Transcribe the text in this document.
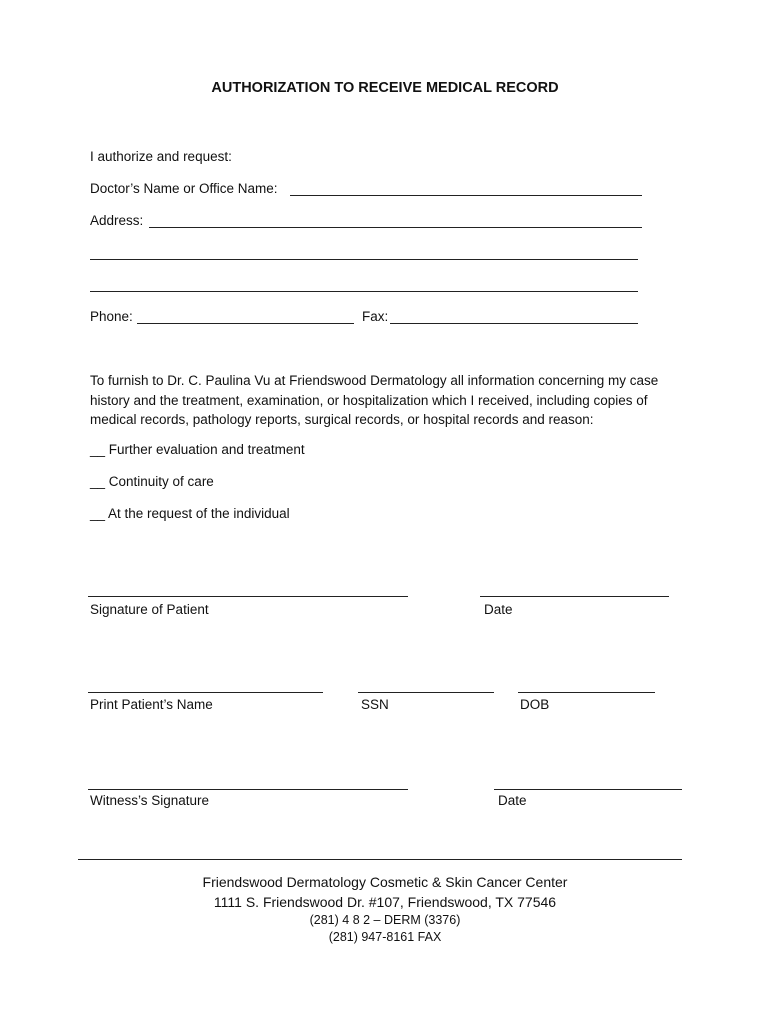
AUTHORIZATION TO RECEIVE MEDICAL RECORD
I authorize and request:
Doctor’s Name or Office Name:
Address:
Phone:	Fax:
To furnish to Dr. C. Paulina Vu at Friendswood Dermatology all information concerning my case history and the treatment, examination, or hospitalization which I received, including copies of medical records, pathology reports, surgical records, or hospital records and reason:
__ Further evaluation and treatment
__ Continuity of care
__ At the request of the individual
Signature of Patient	Date
Print Patient’s Name	SSN	DOB
Witness’s Signature	Date
Friendswood Dermatology Cosmetic & Skin Cancer Center
1111 S. Friendswood Dr. #107, Friendswood, TX 77546
(281) 4 8 2 – DERM (3376)
(281) 947-8161 FAX
